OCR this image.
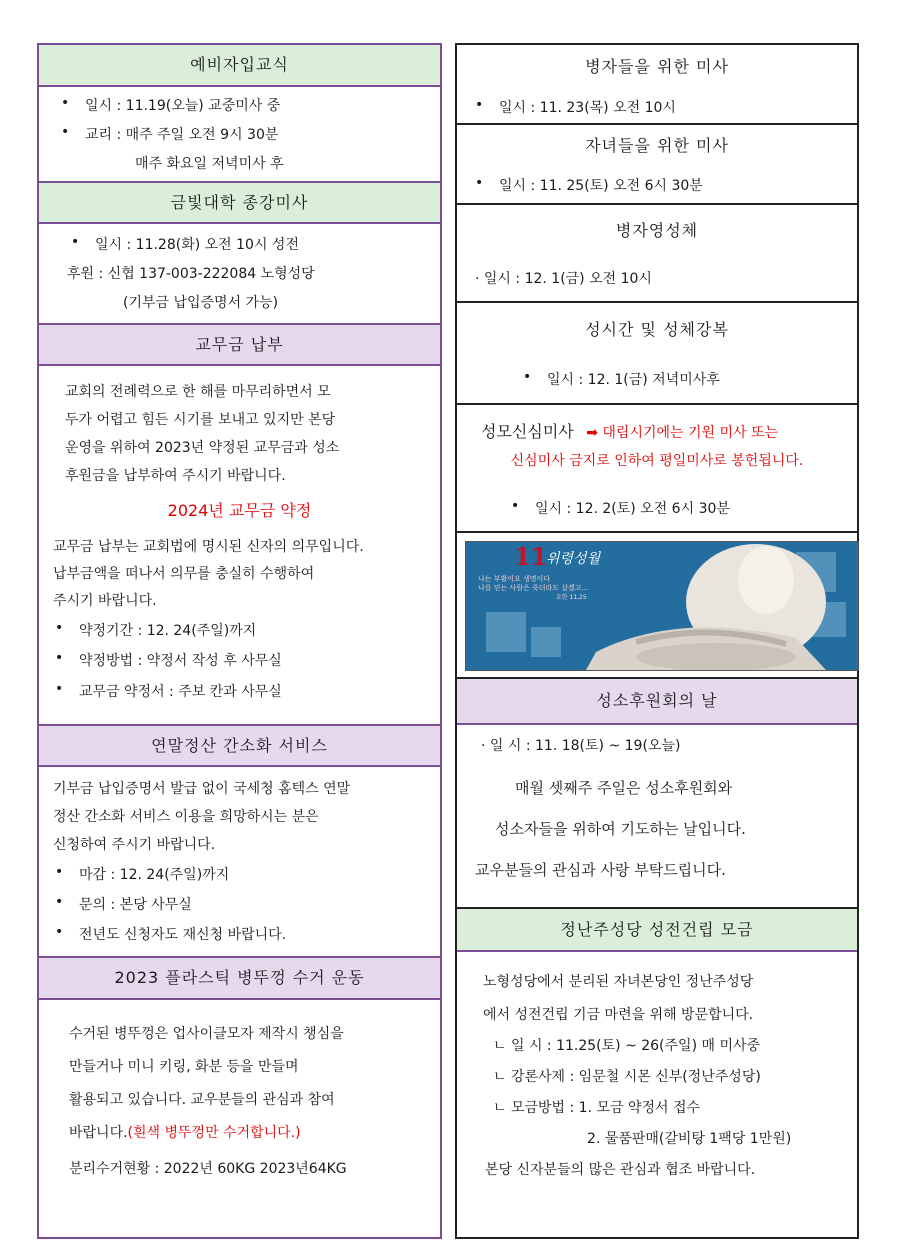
예비자입교식
• 일시 : 11.19(오늘) 교중미사 중
• 교리 : 매주 주일 오전 9시 30분
매주 화요일 저녁미사 후
금빛대학 종강미사
• 일시 : 11.28(화) 오전 10시 성전
후원 : 신협 137-003-222084 노형성당
(기부금 납입증명서 가능)
교무금 납부
교회의 전례력으로 한 해를 마무리하면서 모
두가 어렵고 힘든 시기를 보내고 있지만 본당
운영을 위하여 2023년 약정된 교무금과 성소
후원금을 납부하여 주시기 바랍니다.
2024년 교무금 약정
교무금 납부는 교회법에 명시된 신자의 의무입니다.
납부금액을 떠나서 의무를 충실히 수행하여
주시기 바랍니다.
• 약정기간 : 12. 24(주일)까지
• 약정방법 : 약정서 작성 후 사무실
• 교무금 약정서 : 주보 칸과 사무실
연말정산 간소화 서비스
기부금 납입증명서 발급 없이 국세청 홈텍스 연말
정산 간소화 서비스 이용을 희망하시는 분은
신청하여 주시기 바랍니다.
• 마감 : 12. 24(주일)까지
• 문의 : 본당 사무실
• 전년도 신청자도 재신청 바랍니다.
2023 플라스틱 병뚜껑 수거 운동
수거된 병뚜껑은 업사이클모자 제작시 챙심을
만들거나 미니 키링, 화분 등을 만들며
활용되고 있습니다. 교우분들의 관심과 참여
바랍니다.(흰색 병뚜껑만 수거합니다.)
분리수거현황 : 2022년 60KG 2023년64KG
병자들을 위한 미사
• 일시 : 11. 23(목) 오전 10시
자녀들을 위한 미사
• 일시 : 11. 25(토) 오전 6시 30분
병자영성체
· 일시 : 12. 1(금) 오전 10시
성시간 및 성체강복
• 일시 : 12. 1(금) 저녁미사후
성모신심미사 ➡ 대림시기에는 기원 미사 또는
신심미사 금지로 인하여 평일미사로 봉헌됩니다.
• 일시 : 12. 2(토) 오전 6시 30분
11
위령성월
나는 부활이요 생명이다
나를 믿는 사람은 죽더라도 살겠고...
요한 11,25
성소후원회의 날
· 일 시 : 11. 18(토) ~ 19(오늘)
매월 셋째주 주일은 성소후원회와
성소자들을 위하여 기도하는 날입니다.
교우분들의 관심과 사랑 부탁드립니다.
정난주성당 성전건립 모금
노형성당에서 분리된 자녀본당인 정난주성당
에서 성전건립 기금 마련을 위해 방문합니다.
ㄴ 일 시 : 11.25(토) ~ 26(주일) 매 미사중
ㄴ 강론사제 : 임문철 시몬 신부(정난주성당)
ㄴ 모금방법 : 1. 모금 약정서 접수
2. 물품판매(갈비탕 1팩당 1만원)
본당 신자분들의 많은 관심과 협조 바랍니다.
